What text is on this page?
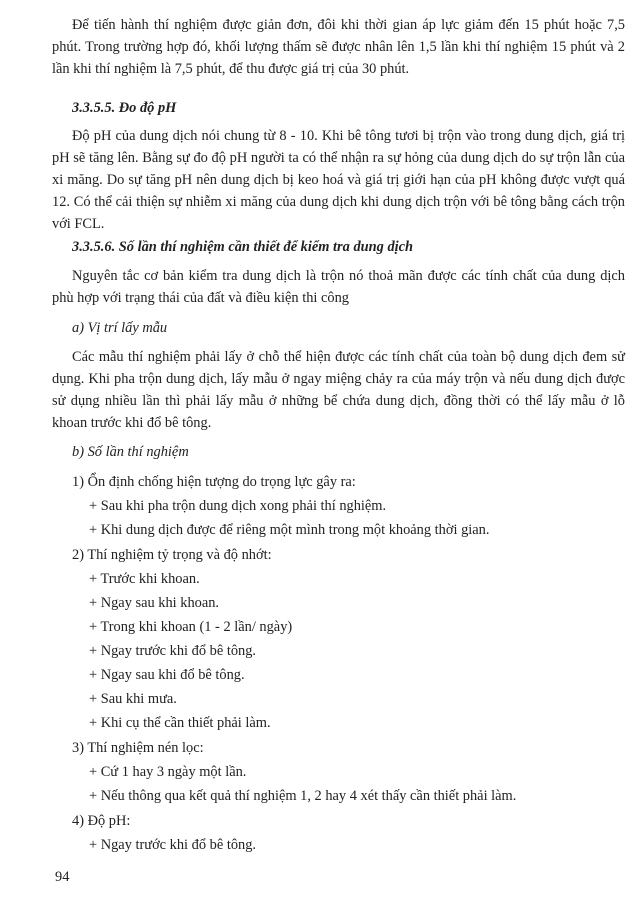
Để tiến hành thí nghiệm được giản đơn, đôi khi thời gian áp lực giảm đến 15 phút hoặc 7,5 phút. Trong trường hợp đó, khối lượng thấm sẽ được nhân lên 1,5 lần khi thí nghiệm 15 phút và 2 lần khi thí nghiệm là 7,5 phút, để thu được giá trị của 30 phút.

3.3.5.5. Đo độ pH

Độ pH của dung dịch nói chung từ 8 - 10. Khi bê tông tươi bị trộn vào trong dung dịch, giá trị pH sẽ tăng lên. Bằng sự đo độ pH người ta có thể nhận ra sự hỏng của dung dịch do sự trộn lẫn của xi măng. Do sự tăng pH nên dung dịch bị keo hoá và giá trị giới hạn của pH không được vượt quá 12. Có thể cải thiện sự nhiễm xi măng của dung dịch khi dung dịch trộn với bê tông bằng cách trộn với FCL.

3.3.5.6. Số lần thí nghiệm cần thiết để kiểm tra dung dịch

Nguyên tắc cơ bản kiểm tra dung dịch là trộn nó thoả mãn được các tính chất của dung dịch phù hợp với trạng thái của đất và điều kiện thi công

a) Vị trí lấy mẫu

Các mẫu thí nghiệm phải lấy ở chỗ thể hiện được các tính chất của toàn bộ dung dịch đem sử dụng. Khi pha trộn dung dịch, lấy mẫu ở ngay miệng chảy ra của máy trộn và nếu dung dịch được sử dụng nhiều lần thì phải lấy mẫu ở những bể chứa dung dịch, đồng thời có thể lấy mẫu ở lỗ khoan trước khi đổ bê tông.

b) Số lần thí nghiệm

1) Ổn định chống hiện tượng do trọng lực gây ra:

+ Sau khi pha trộn dung dịch xong phải thí nghiệm.

+ Khi dung dịch được để riêng một mình trong một khoảng thời gian.

2) Thí nghiệm tỷ trọng và độ nhớt:

+ Trước khi khoan.

+ Ngay sau khi khoan.

+ Trong khi khoan (1 - 2 lần/ ngày)

+ Ngay trước khi đổ bê tông.

+ Ngay sau khi đổ bê tông.

+ Sau khi mưa.

+ Khi cụ thể cần thiết phải làm.

3) Thí nghiệm nén lọc:

+ Cứ 1 hay 3 ngày một lần.

+ Nếu thông qua kết quả thí nghiệm 1, 2 hay 4 xét thấy cần thiết phải làm.

4) Độ pH:

+ Ngay trước khi đổ bê tông.

94
